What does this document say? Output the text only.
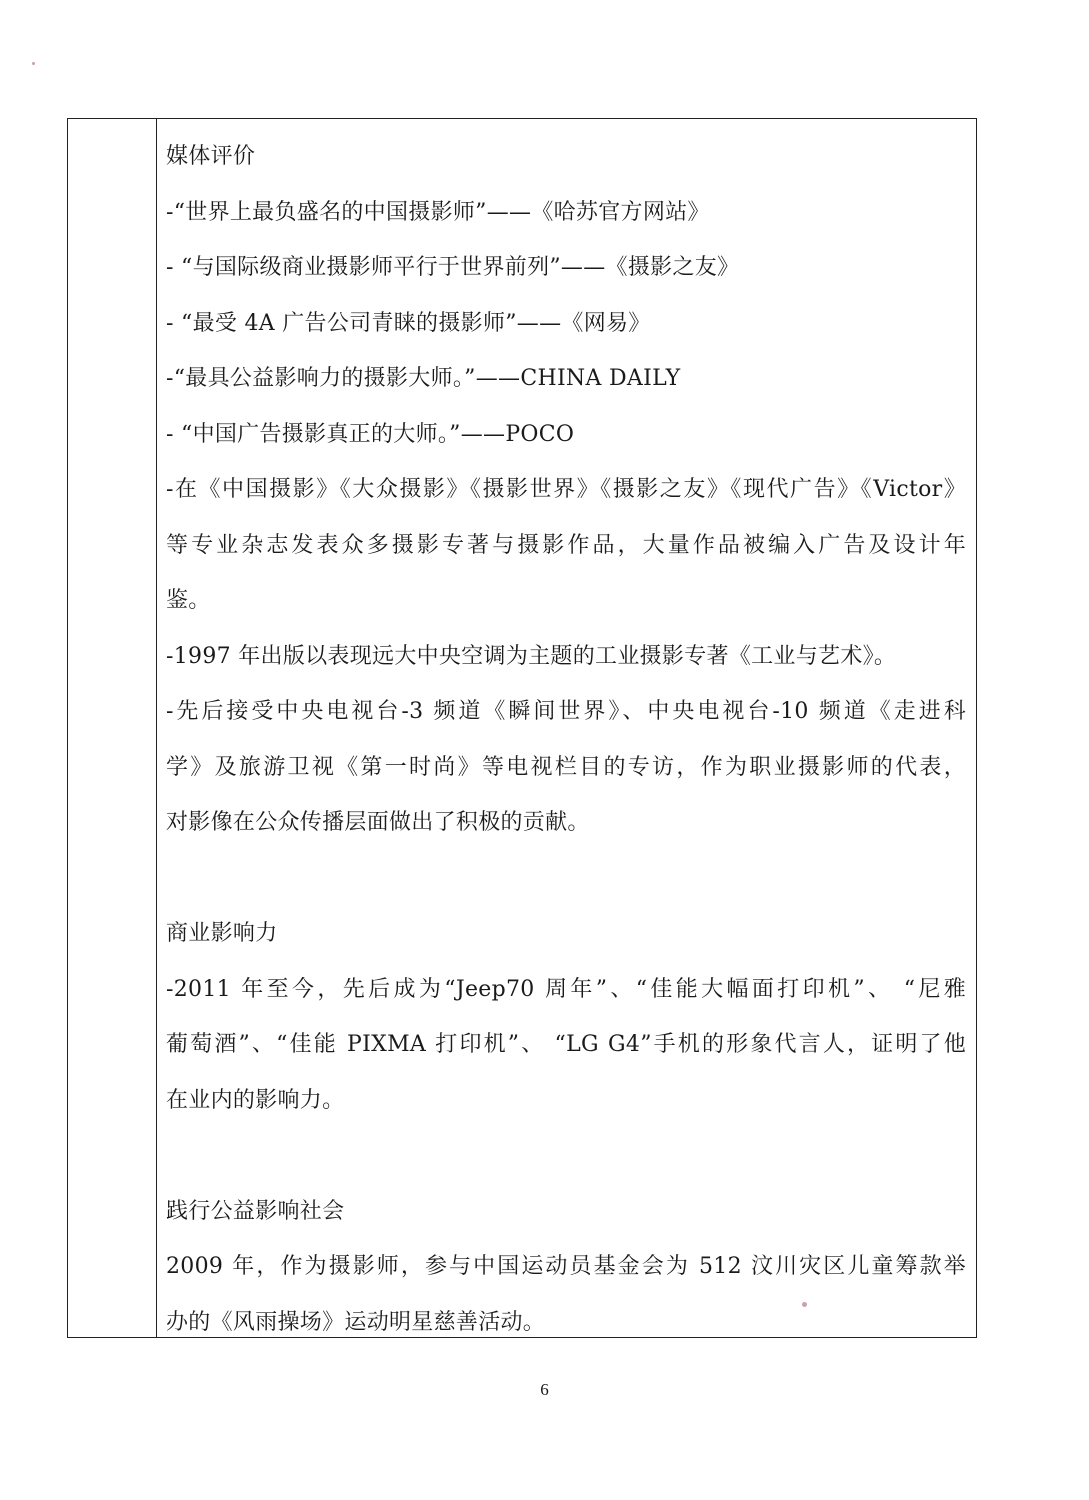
媒体评价
-“世界上最负盛名的中国摄影师”——《哈苏官方网站》
- “与国际级商业摄影师平行于世界前列”——《摄影之友》
- “最受 4A 广告公司青睐的摄影师”——《网易》
-“最具公益影响力的摄影大师。”——CHINA DAILY
- “中国广告摄影真正的大师。”——POCO
-在《中国摄影》《大众摄影》《摄影世界》《摄影之友》《现代广告》《Victor》
等专业杂志发表众多摄影专著与摄影作品，大量作品被编入广告及设计年
鉴。
-1997 年出版以表现远大中央空调为主题的工业摄影专著《工业与艺术》。
-先后接受中央电视台-3 频道《瞬间世界》、中央电视台-10 频道《走进科
学》及旅游卫视《第一时尚》等电视栏目的专访，作为职业摄影师的代表，
对影像在公众传播层面做出了积极的贡献。
商业影响力
-2011 年至今，先后成为“Jeep70 周年”、“佳能大幅面打印机”、 “尼雅
葡萄酒”、“佳能 PIXMA 打印机”、 “LG G4”手机的形象代言人，证明了他
在业内的影响力。
践行公益影响社会
2009 年，作为摄影师，参与中国运动员基金会为 512 汶川灾区儿童筹款举
办的《风雨操场》运动明星慈善活动。
6
